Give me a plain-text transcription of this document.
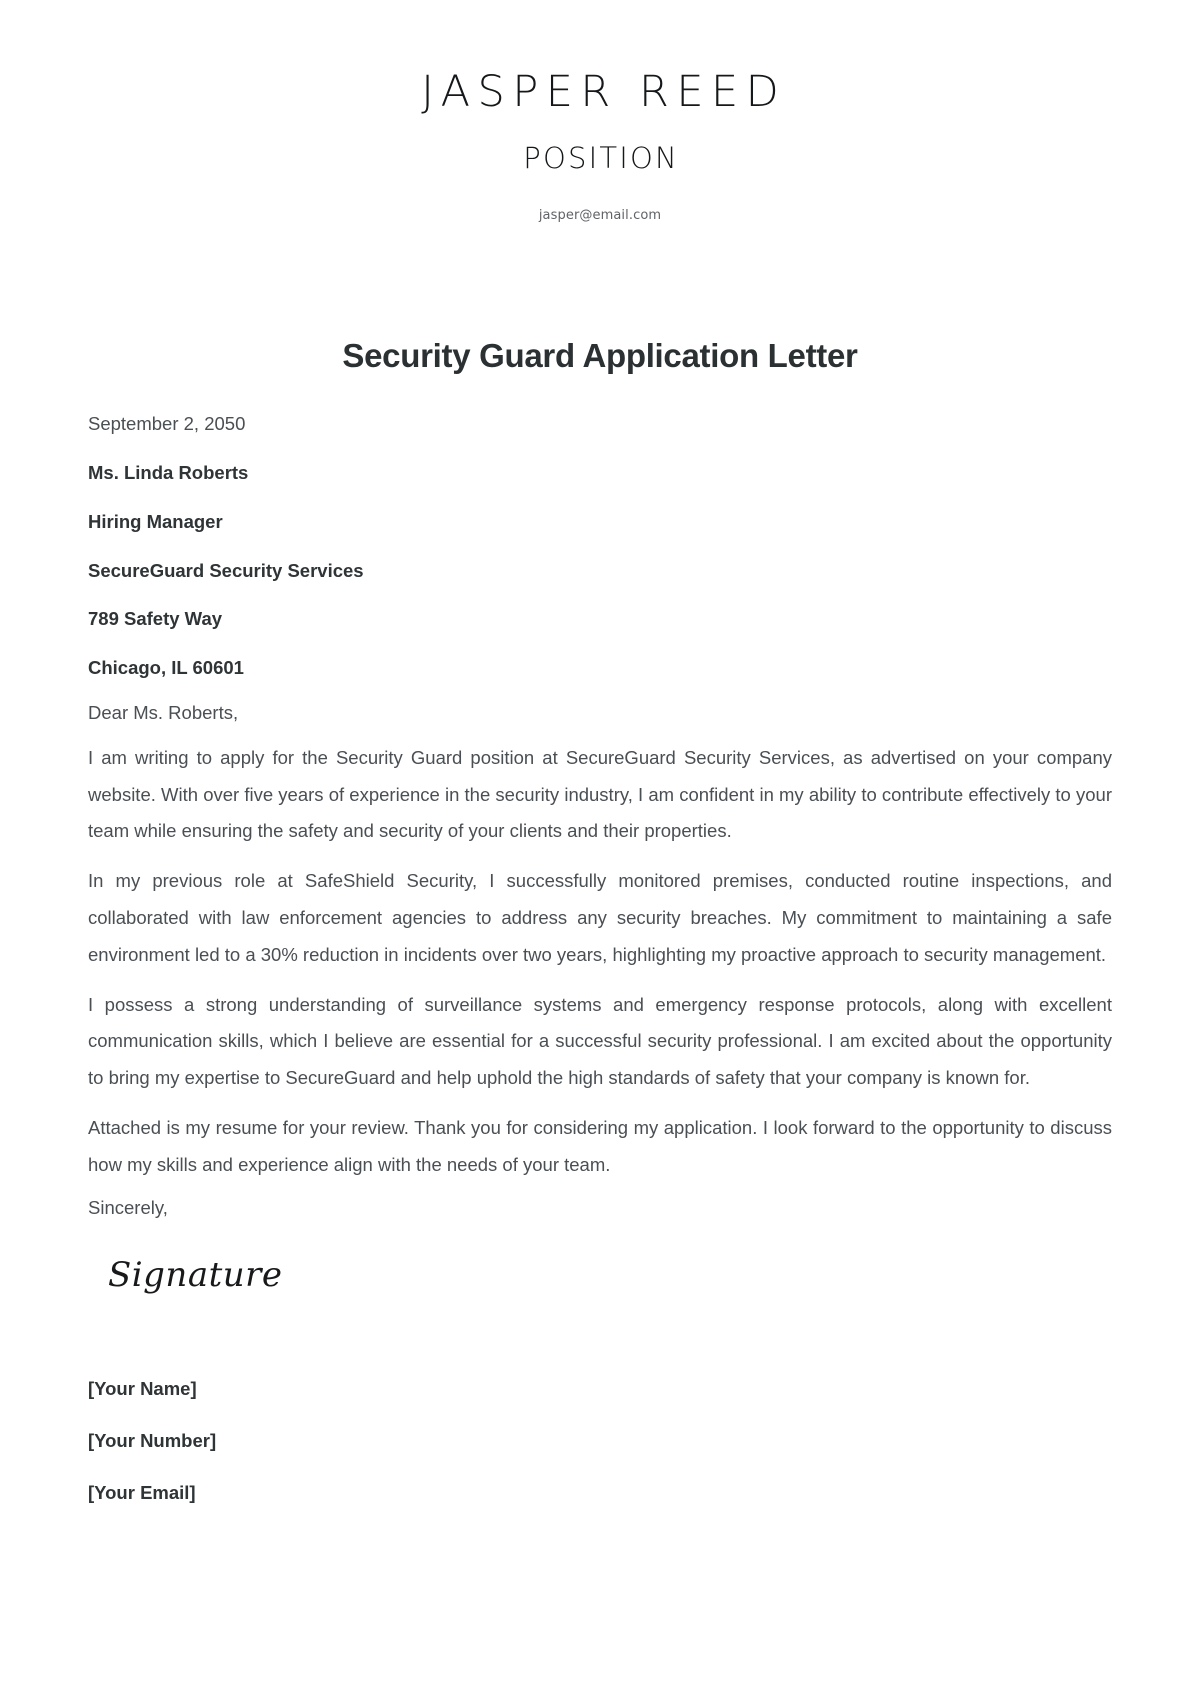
JASPER REED
POSITION
jasper@email.com
Security Guard Application Letter
September 2, 2050
Ms. Linda Roberts
Hiring Manager
SecureGuard Security Services
789 Safety Way
Chicago, IL 60601
Dear Ms. Roberts,

I am writing to apply for the Security Guard position at SecureGuard Security Services, as advertised on your company website. With over five years of experience in the security industry, I am confident in my ability to contribute effectively to your team while ensuring the safety and security of your clients and their properties.

In my previous role at SafeShield Security, I successfully monitored premises, conducted routine inspections, and collaborated with law enforcement agencies to address any security breaches. My commitment to maintaining a safe environment led to a 30% reduction in incidents over two years, highlighting my proactive approach to security management.

I possess a strong understanding of surveillance systems and emergency response protocols, along with excellent communication skills, which I believe are essential for a successful security professional. I am excited about the opportunity to bring my expertise to SecureGuard and help uphold the high standards of safety that your company is known for.

Attached is my resume for your review. Thank you for considering my application. I look forward to the opportunity to discuss how my skills and experience align with the needs of your team.

Sincerely,
Signature
[Your Name]
[Your Number]
[Your Email]
